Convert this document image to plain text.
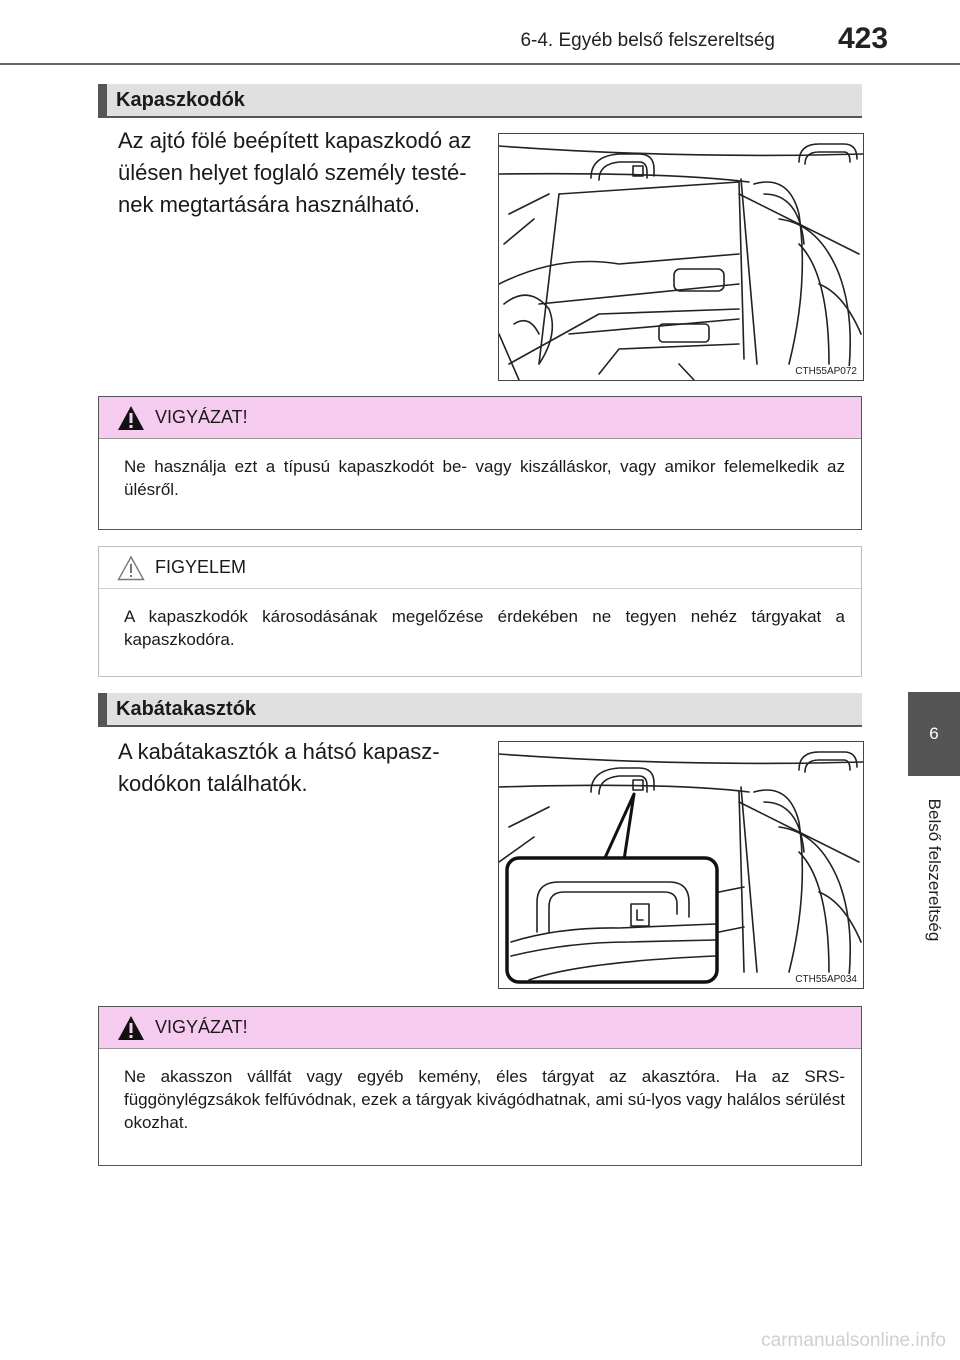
6-4. Egyéb belső felszereltség 423
6
Belső felszereltség
Kapaszkodók
Az ajtó fölé beépített kapaszkodó az ülésen helyet foglaló személy testé-nek megtartására használható.
CTH55AP072
VIGYÁZAT!
Ne használja ezt a típusú kapaszkodót be- vagy kiszálláskor, vagy amikor felemelkedik az ülésről.
FIGYELEM
A kapaszkodók károsodásának megelőzése érdekében ne tegyen nehéz tárgyakat a kapaszkodóra.
Kabátakasztók
A kabátakasztók a hátsó kapasz-kodókon találhatók.
CTH55AP034
VIGYÁZAT!
Ne akasszon vállfát vagy egyéb kemény, éles tárgyat az akasztóra. Ha az SRS-függönylégzsákok felfúvódnak, ezek a tárgyak kivágódhatnak, ami sú-lyos vagy halálos sérülést okozhat.
carmanualsonline.info
